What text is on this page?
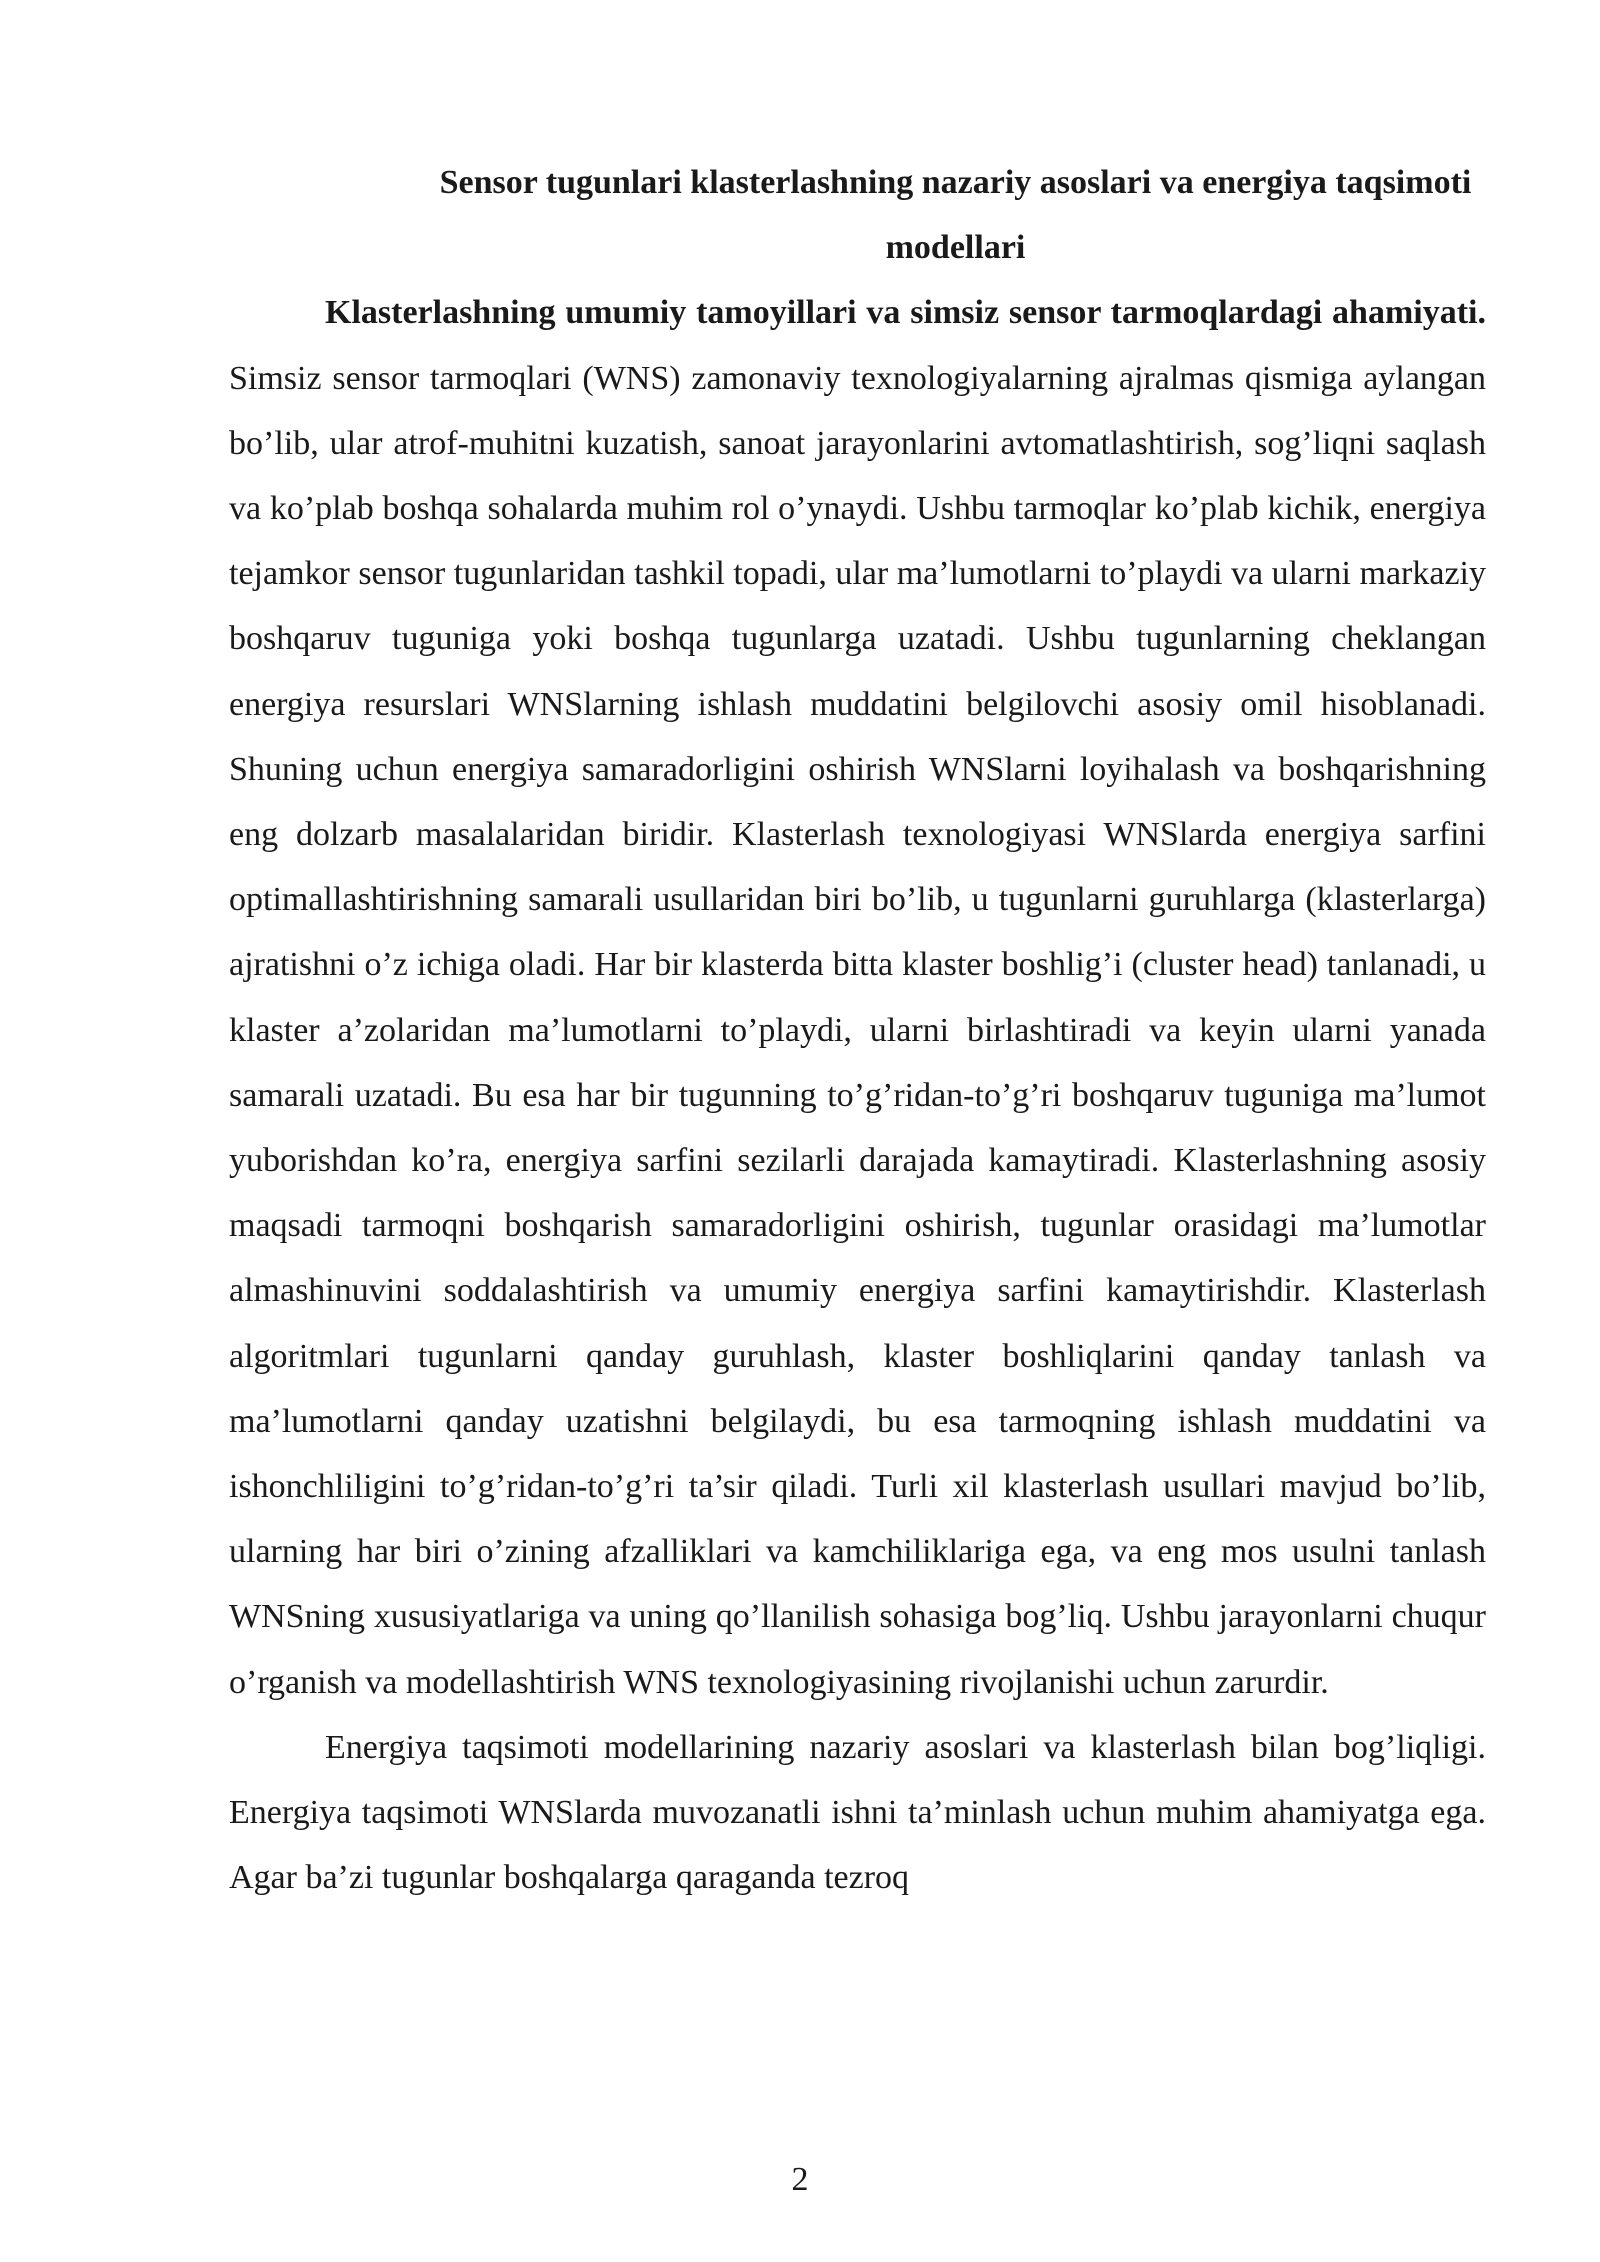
Sensor tugunlari klasterlashning nazariy asoslari va energiya taqsimoti
modellari

Klasterlashning umumiy tamoyillari va simsiz sensor tarmoqlardagi ahamiyati. Simsiz sensor tarmoqlari (WNS) zamonaviy texnologiyalarning ajralmas qismiga aylangan bo’lib, ular atrof-muhitni kuzatish, sanoat jarayonlarini avtomatlashtirish, sog’liqni saqlash va ko’plab boshqa sohalarda muhim rol o’ynaydi. Ushbu tarmoqlar ko’plab kichik, energiya tejamkor sensor tugunlaridan tashkil topadi, ular ma’lumotlarni to’playdi va ularni markaziy boshqaruv tuguniga yoki boshqa tugunlarga uzatadi. Ushbu tugunlarning cheklangan energiya resurslari WNSlarning ishlash muddatini belgilovchi asosiy omil hisoblanadi. Shuning uchun energiya samaradorligini oshirish WNSlarni loyihalash va boshqarishning eng dolzarb masalalaridan biridir. Klasterlash texnologiyasi WNSlarda energiya sarfini optimallashtirishning samarali usullaridan biri bo’lib, u tugunlarni guruhlarga (klasterlarga) ajratishni o’z ichiga oladi. Har bir klasterda bitta klaster boshlig’i (cluster head) tanlanadi, u klaster a’zolaridan ma’lumotlarni to’playdi, ularni birlashtiradi va keyin ularni yanada samarali uzatadi. Bu esa har bir tugunning to’g’ridan-to’g’ri boshqaruv tuguniga ma’lumot yuborishdan ko’ra, energiya sarfini sezilarli darajada kamaytiradi. Klasterlashning asosiy maqsadi tarmoqni boshqarish samaradorligini oshirish, tugunlar orasidagi ma’lumotlar almashinuvini soddalashtirish va umumiy energiya sarfini kamaytirishdir. Klasterlash algoritmlari tugunlarni qanday guruhlash, klaster boshliqlarini qanday tanlash va ma’lumotlarni qanday uzatishni belgilaydi, bu esa tarmoqning ishlash muddatini va ishonchliligini to’g’ridan-to’g’ri ta’sir qiladi. Turli xil klasterlash usullari mavjud bo’lib, ularning har biri o’zining afzalliklari va kamchiliklariga ega, va eng mos usulni tanlash WNSning xususiyatlariga va uning qo’llanilish sohasiga bog’liq. Ushbu jarayonlarni chuqur o’rganish va modellashtirish WNS texnologiyasining rivojlanishi uchun zarurdir.

Energiya taqsimoti modellarining nazariy asoslari va klasterlash bilan bog’liqligi. Energiya taqsimoti WNSlarda muvozanatli ishni ta’minlash uchun muhim ahamiyatga ega. Agar ba’zi tugunlar boshqalarga qaraganda tezroq

2
